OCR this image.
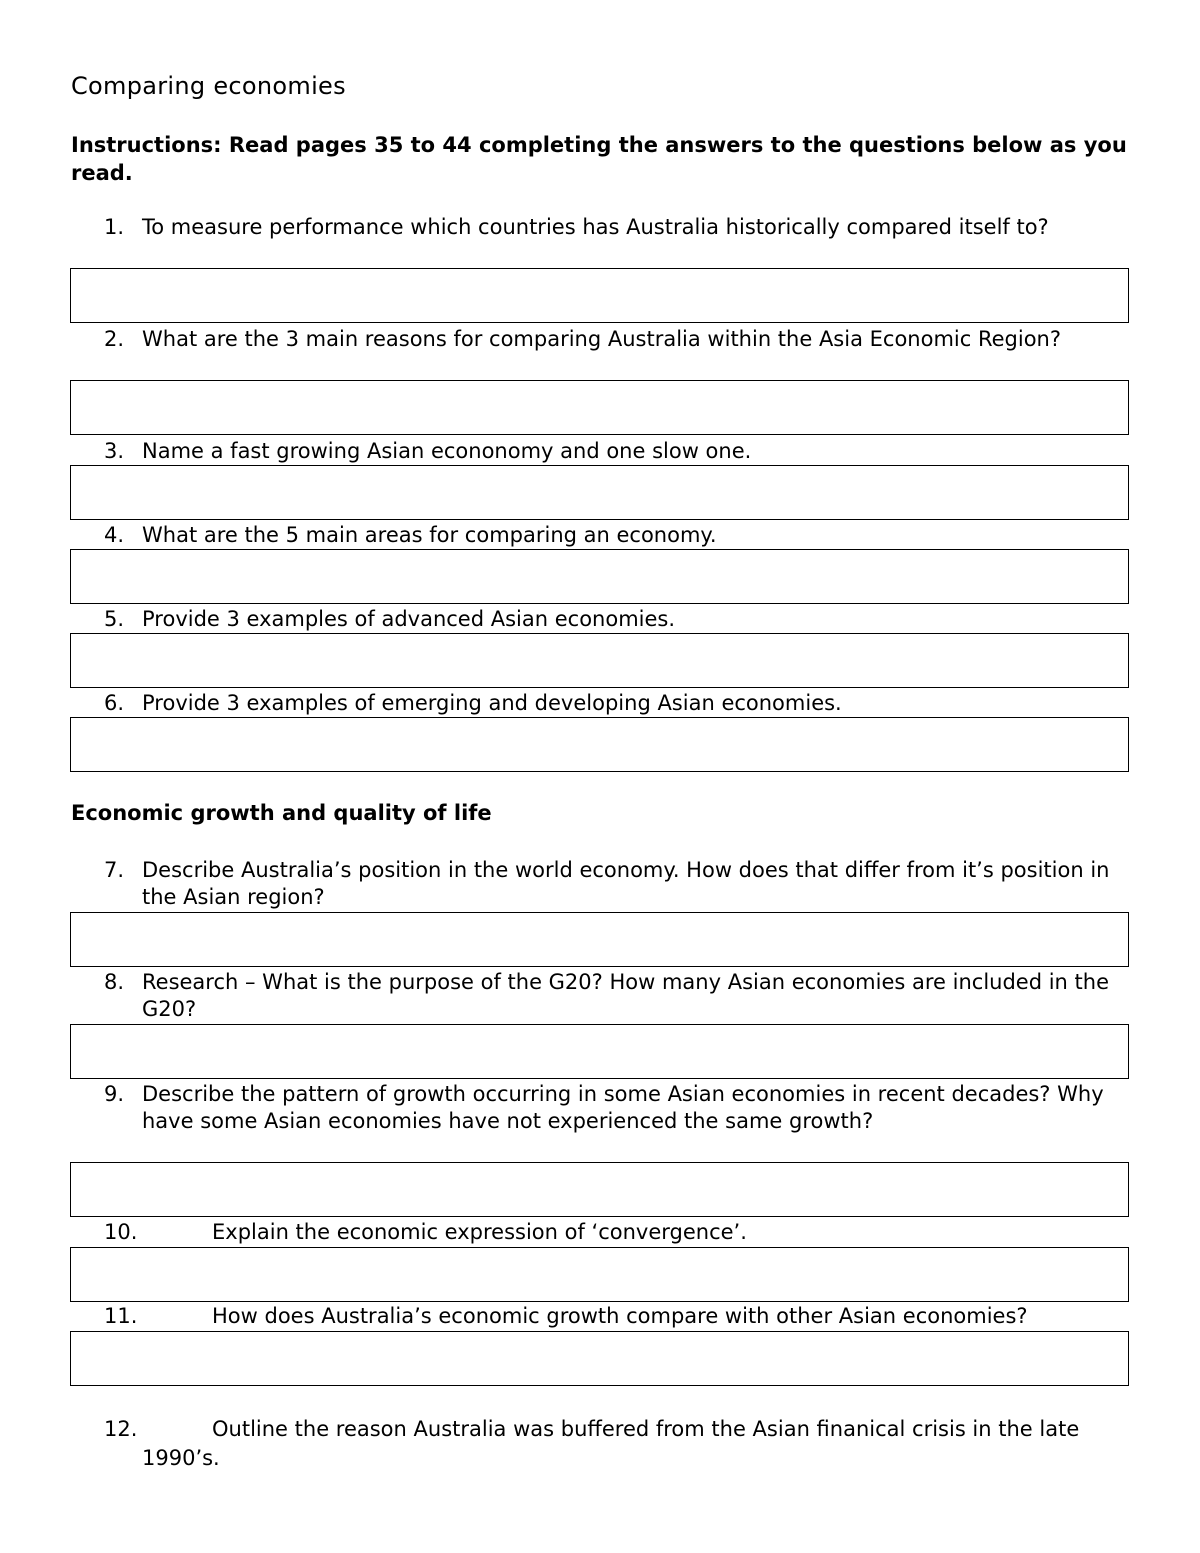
Comparing economies

Instructions: Read pages 35 to 44 completing the answers to the questions below as you read.

1. To measure performance which countries has Australia historically compared itself to?
2. What are the 3 main reasons for comparing Australia within the Asia Economic Region?
3. Name a fast growing Asian econonomy and one slow one.
4. What are the 5 main areas for comparing an economy.
5. Provide 3 examples of advanced Asian economies.
6. Provide 3 examples of emerging and developing Asian economies.
Economic growth and quality of life
7. Describe Australia’s position in the world economy. How does that differ from it’s position in the Asian region?
8. Research – What is the purpose of the G20? How many Asian economies are included in the G20?
9. Describe the pattern of growth occurring in some Asian economies in recent decades? Why have some Asian economies have not experienced the same growth?
10.	Explain the economic expression of ‘convergence’.
11.	How does Australia’s economic growth compare with other Asian economies?
12.	Outline the reason Australia was buffered from the Asian finanical crisis in the late 1990’s.
